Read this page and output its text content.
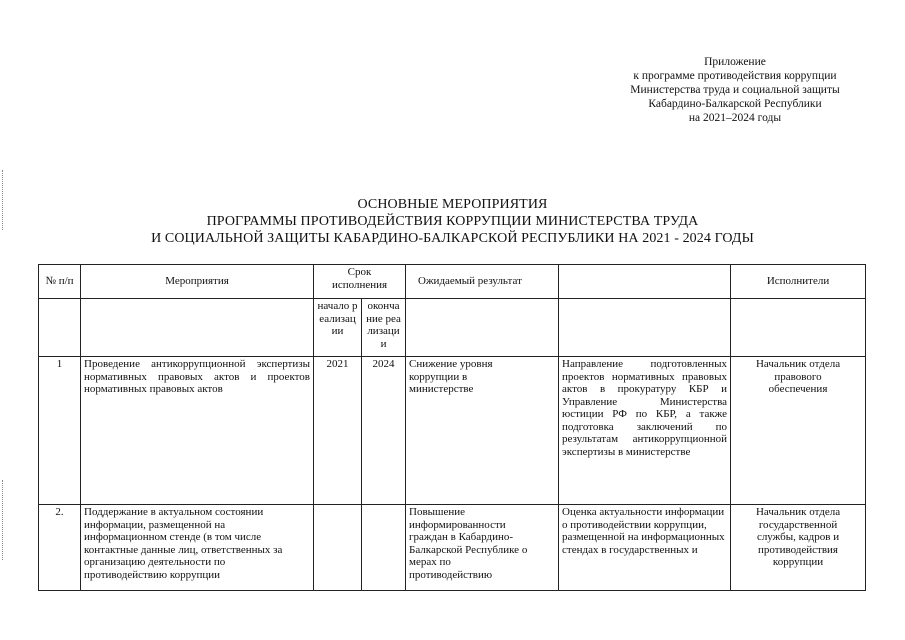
Приложение
к программе противодействия коррупции
Министерства труда и социальной защиты
Кабардино-Балкарской Республики
на 2021–2024 годы
ОСНОВНЫЕ МЕРОПРИЯТИЯ
ПРОГРАММЫ ПРОТИВОДЕЙСТВИЯ КОРРУПЦИИ МИНИСТЕРСТВА ТРУДА
И СОЦИАЛЬНОЙ ЗАЩИТЫ КАБАРДИНО-БАЛКАРСКОЙ РЕСПУБЛИКИ НА 2021 - 2024 ГОДЫ
№ п/п	Мероприятия	Срок исполнения		Ожидаемый результат		Исполнители
		начало реализации	окончание реализации			
1	Проведение антикоррупционной экспертизы нормативных правовых актов и проектов нормативных правовых актов	2021	2024	Снижение уровня коррупции в министерстве	Направление подготовленных проектов нормативных правовых актов в прокуратуру КБР и Управление Министерства юстиции РФ по КБР, а также подготовка заключений по результатам антикоррупционной экспертизы в министерстве	Начальник отдела правового обеспечения
2.	Поддержание в актуальном состоянии информации, размещенной на информационном стенде (в том числе контактные данные лиц, ответственных за организацию деятельности по противодействию коррупции			Повышение информированности граждан в Кабардино-Балкарской Республике о мерах по противодействию	Оценка актуальности информации о противодействии коррупции, размещенной на информационных стендах в государственных и	Начальник отдела государственной службы, кадров и противодействия коррупции
